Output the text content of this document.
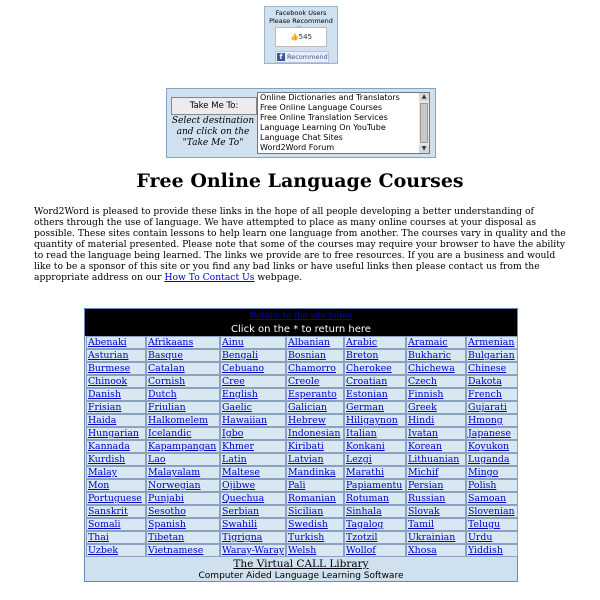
Facebook Users
Please Recommend
👍 545
f Recommend
Take Me To:
Select destination and click on the "Take Me To"
Online Dictionaries and Translators
Free Online Language Courses
Free Online Translation Services
Language Learning On YouTube
Language Chat Sites
Word2Word Forum
▲
▼
Free Online Language Courses
Word2Word is pleased to provide these links in the hope of all people developing a better understanding of others through the use of language. We have attempted to place as many online courses at your disposal as possible. These sites contain lessons to help learn one language from another. The courses vary in quality and the quantity of material presented. Please note that some of the courses may require your browser to have the ability to read the language being learned. The links we provide are to free resources. If you are a business and would like to be a sponsor of this site or you find any bad links or have useful links then please contact us from the appropriate address on our How To Contact Us webpage.
Return to the site index
Click on the * to return here
Abenaki	Afrikaans	Ainu	Albanian	Arabic	Aramaic	Armenian
Asturian	Basque	Bengali	Bosnian	Breton	Bukharic	Bulgarian
Burmese	Catalan	Cebuano	Chamorro	Cherokee	Chichewa	Chinese
Chinook	Cornish	Cree	Creole	Croatian	Czech	Dakota
Danish	Dutch	English	Esperanto Estonian	Finnish	French
Frisian	Friulian	Gaelic	Galician	German	Greek	Gujarati
Haida	Halkomelem	Hawaiian	Hebrew	Hiligaynon	Hindi	Hmong
Hungarian Icelandic	Igbo	Indonesian Italian	Ivatan	Japanese
Kannada	Kapampangan Khmer	Kiribati	Konkani	Korean	Koyukon
Kurdish	Lao	Latin	Latvian	Lezgi	Lithuanian Luganda
Malay	Malayalam	Maltese	Mandinka	Marathi	Michif	Mingo
Mon	Norwegian	Ojibwe	Pali	Papiamentu Persian	Polish
Portuguese Punjabi	Quechua	Romanian	Rotuman	Russian	Samoan
Sanskrit	Sesotho	Serbian	Sicilian	Sinhala	Slovak	Slovenian
Somali	Spanish	Swahili	Swedish	Tagalog	Tamil	Telugu
Thai	Tibetan	Tigrigna	Turkish	Tzotzil	Ukrainian	Urdu
Uzbek	Vietnamese	Waray-Waray Welsh	Wollof	Xhosa	Yiddish
The Virtual CALL Library
Computer Aided Language Learning Software
